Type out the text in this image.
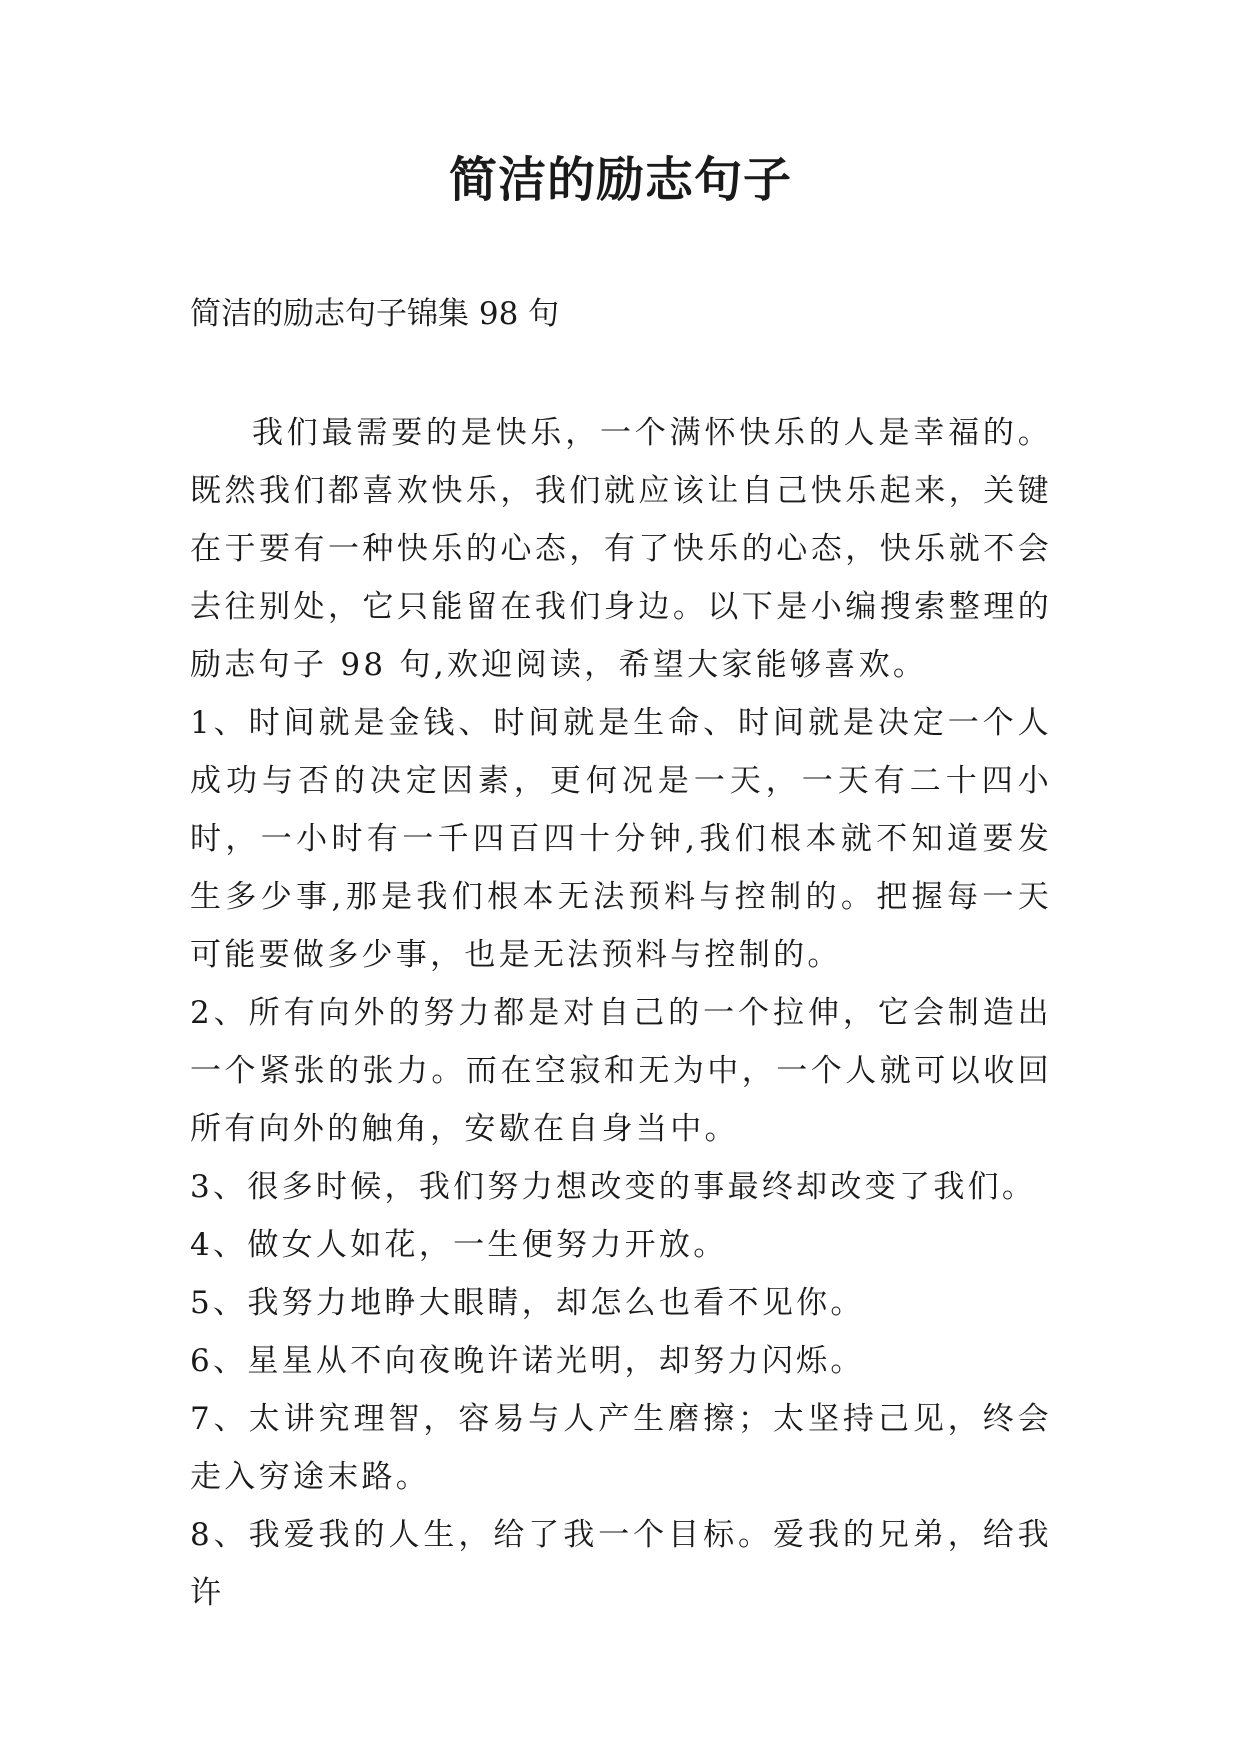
简洁的励志句子

简洁的励志句子锦集 98 句

我们最需要的是快乐，一个满怀快乐的人是幸福的。既然我们都喜欢快乐，我们就应该让自己快乐起来，关键在于要有一种快乐的心态，有了快乐的心态，快乐就不会去往别处，它只能留在我们身边。以下是小编搜索整理的励志句子 98 句,欢迎阅读，希望大家能够喜欢。

1、时间就是金钱、时间就是生命、时间就是决定一个人成功与否的决定因素，更何况是一天，一天有二十四小时，一小时有一千四百四十分钟,我们根本就不知道要发生多少事,那是我们根本无法预料与控制的。把握每一天可能要做多少事，也是无法预料与控制的。

2、所有向外的努力都是对自己的一个拉伸，它会制造出一个紧张的张力。而在空寂和无为中，一个人就可以收回所有向外的触角，安歇在自身当中。

3、很多时候，我们努力想改变的事最终却改变了我们。

4、做女人如花，一生便努力开放。

5、我努力地睁大眼睛，却怎么也看不见你。

6、星星从不向夜晚许诺光明，却努力闪烁。

7、太讲究理智，容易与人产生磨擦；太坚持己见，终会走入穷途末路。

8、我爱我的人生，给了我一个目标。爱我的兄弟，给我许
